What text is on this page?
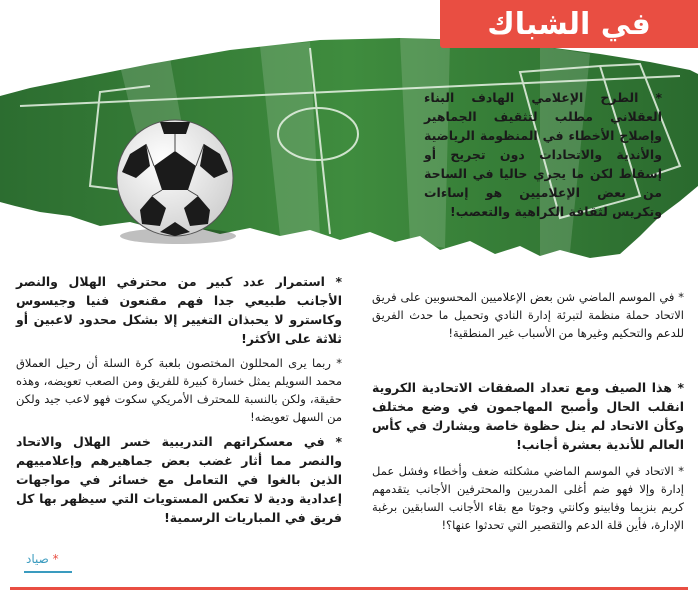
في الشباك

* الطرح الإعلامي الهادف البناء العقلاني مطلب لتثقيف الجماهير وإصلاح الأخطاء في المنظومة الرياضية والأندية والاتحادات دون تجريح أو إسقاط لكن ما يجري حاليا في الساحة من بعض الإعلاميين هو إساءات وتكريس لثقافة الكراهية والتعصب!

* في الموسم الماضي شن بعض الإعلاميين المحسوبين على فريق الاتحاد حملة منظمة لتبرئة إدارة النادي وتحميل ما حدث الفريق للدعم والتحكيم وغيرها من الأسباب غير المنطقية!

* هذا الصيف ومع تعداد الصفقات الاتحادية الكروية انقلب الحال وأصبح المهاجمون في وضع مختلف وكأن الاتحاد لم ينل حظوة خاصة ويشارك في كأس العالم للأندية بعشرة أجانب!

* الاتحاد في الموسم الماضي مشكلته ضعف وأخطاء وفشل عمل إدارة وإلا فهو ضم أغلى المدربين والمحترفين الأجانب يتقدمهم كريم بنزيما وفابينو وكانتي وجوتا مع بقاء الأجانب السابقين برغبة الإدارة، فأين قلة الدعم والتقصير التي تحدثوا عنها؟!

* استمرار عدد كبير من محترفي الهلال والنصر الأجانب طبيعي جدا فهم مقنعون فنيا وجيسوس وكاسترو لا يحبذان التغيير إلا بشكل محدود لاعبين أو ثلاثة على الأكثر!

* ربما يرى المحللون المختصون بلعبة كرة السلة أن رحيل العملاق محمد السويلم يمثل خسارة كبيرة للفريق ومن الصعب تعويضه، وهذه حقيقة، ولكن بالنسبة للمحترف الأمريكي سكوت فهو لاعب جيد ولكن من السهل تعويضه!

* في معسكراتهم التدريبية خسر الهلال والاتحاد والنصر مما أثار غضب بعض جماهيرهم وإعلامييهم الذين بالغوا في التعامل مع خسائر في مواجهات إعدادية ودية لا تعكس المستويات التي سيظهر بها كل فريق في المباريات الرسمية!

* صياد
